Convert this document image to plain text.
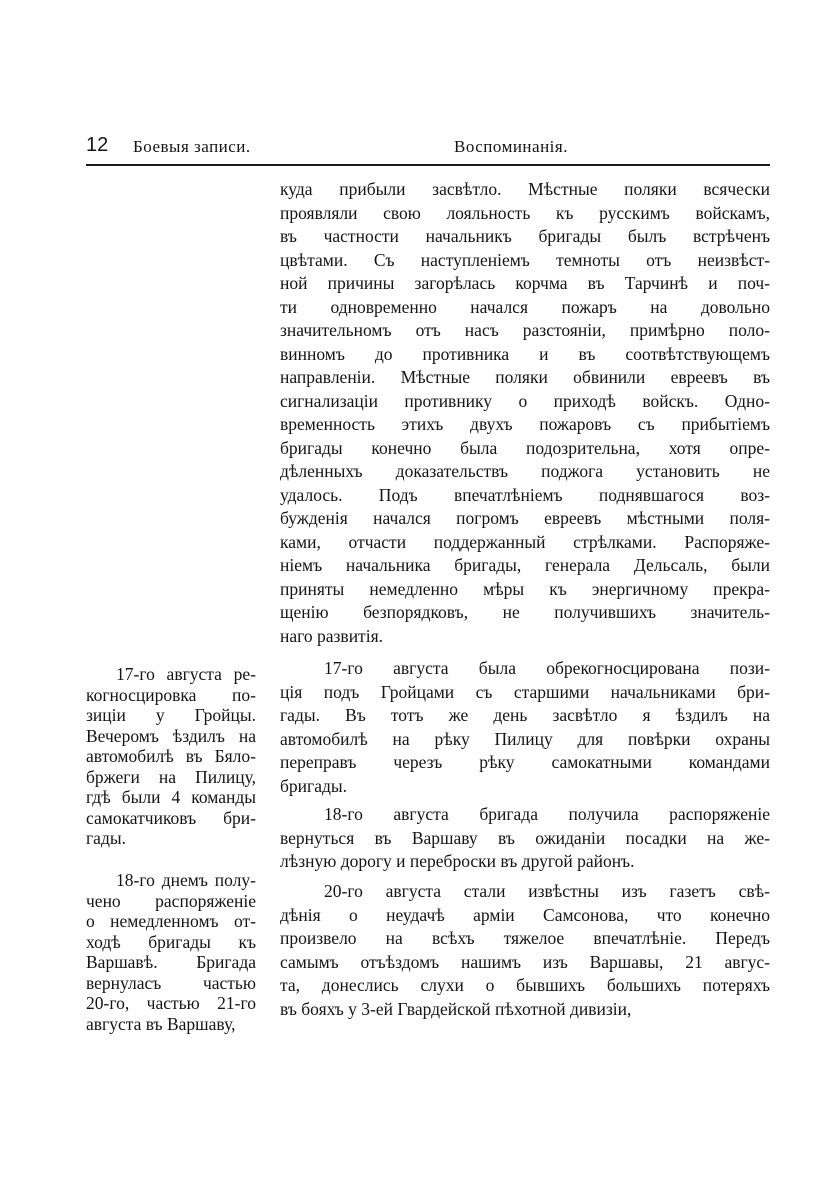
12 Боевыя записи.	Воспоминанія.
куда прибыли засвѣтло. Мѣстные поляки всячески
проявляли свою лояльность къ русскимъ войскамъ,
въ частности начальникъ бригады былъ встрѣченъ
цвѣтами. Съ наступленіемъ темноты отъ неизвѣст-
ной причины загорѣлась корчма въ Тарчинѣ и поч-
ти одновременно начался пожаръ на довольно
значительномъ отъ насъ разстояніи, примѣрно поло-
винномъ до противника и въ соотвѣтствующемъ
направленіи. Мѣстные поляки обвинили евреевъ въ
сигнализаціи противнику о приходѣ войскъ. Одно-
временность этихъ двухъ пожаровъ съ прибытіемъ
бригады конечно была подозрительна, хотя опре-
дѣленныхъ доказательствъ поджога установить не
удалось. Подъ впечатлѣніемъ поднявшагося воз-
бужденія начался погромъ евреевъ мѣстными поля-
ками, отчасти поддержанный стрѣлками. Распоряже-
ніемъ начальника бригады, генерала Дельсаль, были
приняты немедленно мѣры къ энергичному прекра-
щенію безпорядковъ, не получившихъ значитель-
наго развитія.
17-го августа была обрекогносцирована пози-
ція подъ Гройцами съ старшими начальниками бри-
гады. Въ тотъ же день засвѣтло я ѣздилъ на
автомобилѣ на рѣку Пилицу для повѣрки охраны
переправъ черезъ рѣку самокатными командами
бригады.
18-го августа бригада получила распоряженіе
вернуться въ Варшаву въ ожиданіи посадки на же-
лѣзную дорогу и переброски въ другой районъ.
20-го августа стали извѣстны изъ газетъ свѣ-
дѣнія о неудачѣ арміи Самсонова, что конечно
произвело на всѣхъ тяжелое впечатлѣніе. Передъ
самымъ отъѣздомъ нашимъ изъ Варшавы, 21 авгус-
та, донеслись слухи о бывшихъ большихъ потеряхъ
въ бояхъ у 3-ей Гвардейской пѣхотной дивизіи,
17-го августа ре-
когносцировка по-
зиціи у Гройцы.
Вечеромъ ѣздилъ на
автомобилѣ въ Бяло-
бржеги на Пилицу,
гдѣ были 4 команды
самокатчиковъ бри-
гады.
18-го днемъ полу-
чено распоряженіе
о немедленномъ от-
ходѣ бригады къ
Варшавѣ. Бригада
вернуласъ частью
20-го, частью 21-го
августа въ Варшаву,
